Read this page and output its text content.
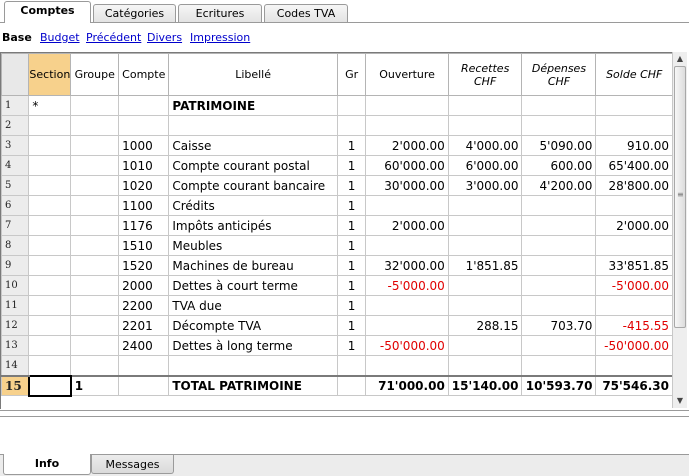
Comptes	Catégories	Ecritures	Codes TVA
Base Budget Précédent Divers Impression
	Section	Groupe	Compte	Libellé	Gr	Ouverture	Recettes CHF	Dépenses CHF	Solde CHF
1	*			PATRIMOINE					
2									
3			1000	Caisse	1	2'000.00	4'000.00	5'090.00	910.00
4			1010	Compte courant postal	1	60'000.00	6'000.00	600.00	65'400.00
5			1020	Compte courant bancaire	1	30'000.00	3'000.00	4'200.00	28'800.00
6			1100	Crédits	1				
7			1176	Impôts anticipés	1	2'000.00			2'000.00
8			1510	Meubles	1				
9			1520	Machines de bureau	1	32'000.00	1'851.85		33'851.85
10			2000	Dettes à court terme	1	-5'000.00			-5'000.00
11			2200	TVA due	1				
12			2201	Décompte TVA	1		288.15	703.70	-415.55
13			2400	Dettes à long terme	1	-50'000.00			-50'000.00
14									
15		1		TOTAL PATRIMOINE		71'000.00	15'140.00	10'593.70	75'546.30
▲
≡
▼
Info	Messages
